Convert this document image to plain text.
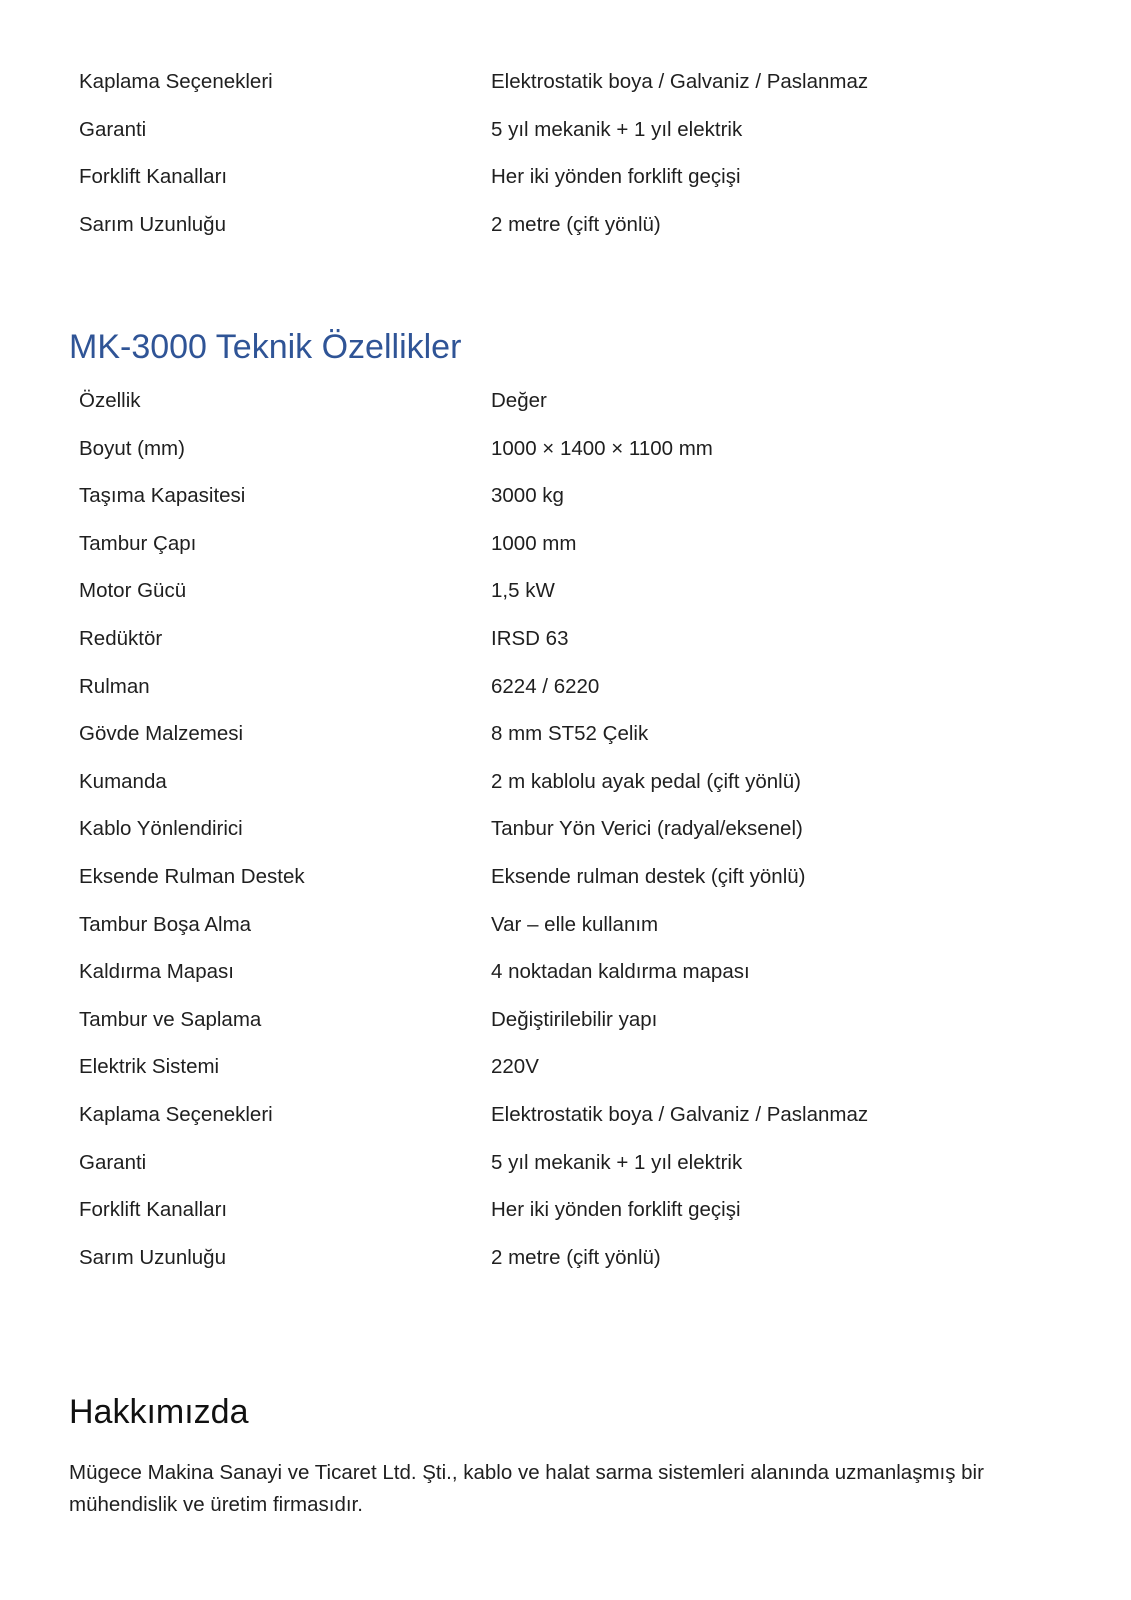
Kaplama Seçenekleri	Elektrostatik boya / Galvaniz / Paslanmaz
Garanti	5 yıl mekanik + 1 yıl elektrik
Forklift Kanalları	Her iki yönden forklift geçişi
Sarım Uzunluğu	2 metre (çift yönlü)
MK-3000 Teknik Özellikler
Özellik	Değer
Boyut (mm)	1000 × 1400 × 1100 mm
Taşıma Kapasitesi	3000 kg
Tambur Çapı	1000 mm
Motor Gücü	1,5 kW
Redüktör	IRSD 63
Rulman	6224 / 6220
Gövde Malzemesi	8 mm ST52 Çelik
Kumanda	2 m kablolu ayak pedal (çift yönlü)
Kablo Yönlendirici	Tanbur Yön Verici (radyal/eksenel)
Eksende Rulman Destek	Eksende rulman destek (çift yönlü)
Tambur Boşa Alma	Var – elle kullanım
Kaldırma Mapası	4 noktadan kaldırma mapası
Tambur ve Saplama	Değiştirilebilir yapı
Elektrik Sistemi	220V
Kaplama Seçenekleri	Elektrostatik boya / Galvaniz / Paslanmaz
Garanti	5 yıl mekanik + 1 yıl elektrik
Forklift Kanalları	Her iki yönden forklift geçişi
Sarım Uzunluğu	2 metre (çift yönlü)
Hakkımızda

Mügece Makina Sanayi ve Ticaret Ltd. Şti., kablo ve halat sarma sistemleri alanında uzmanlaşmış bir mühendislik ve üretim firmasıdır.
